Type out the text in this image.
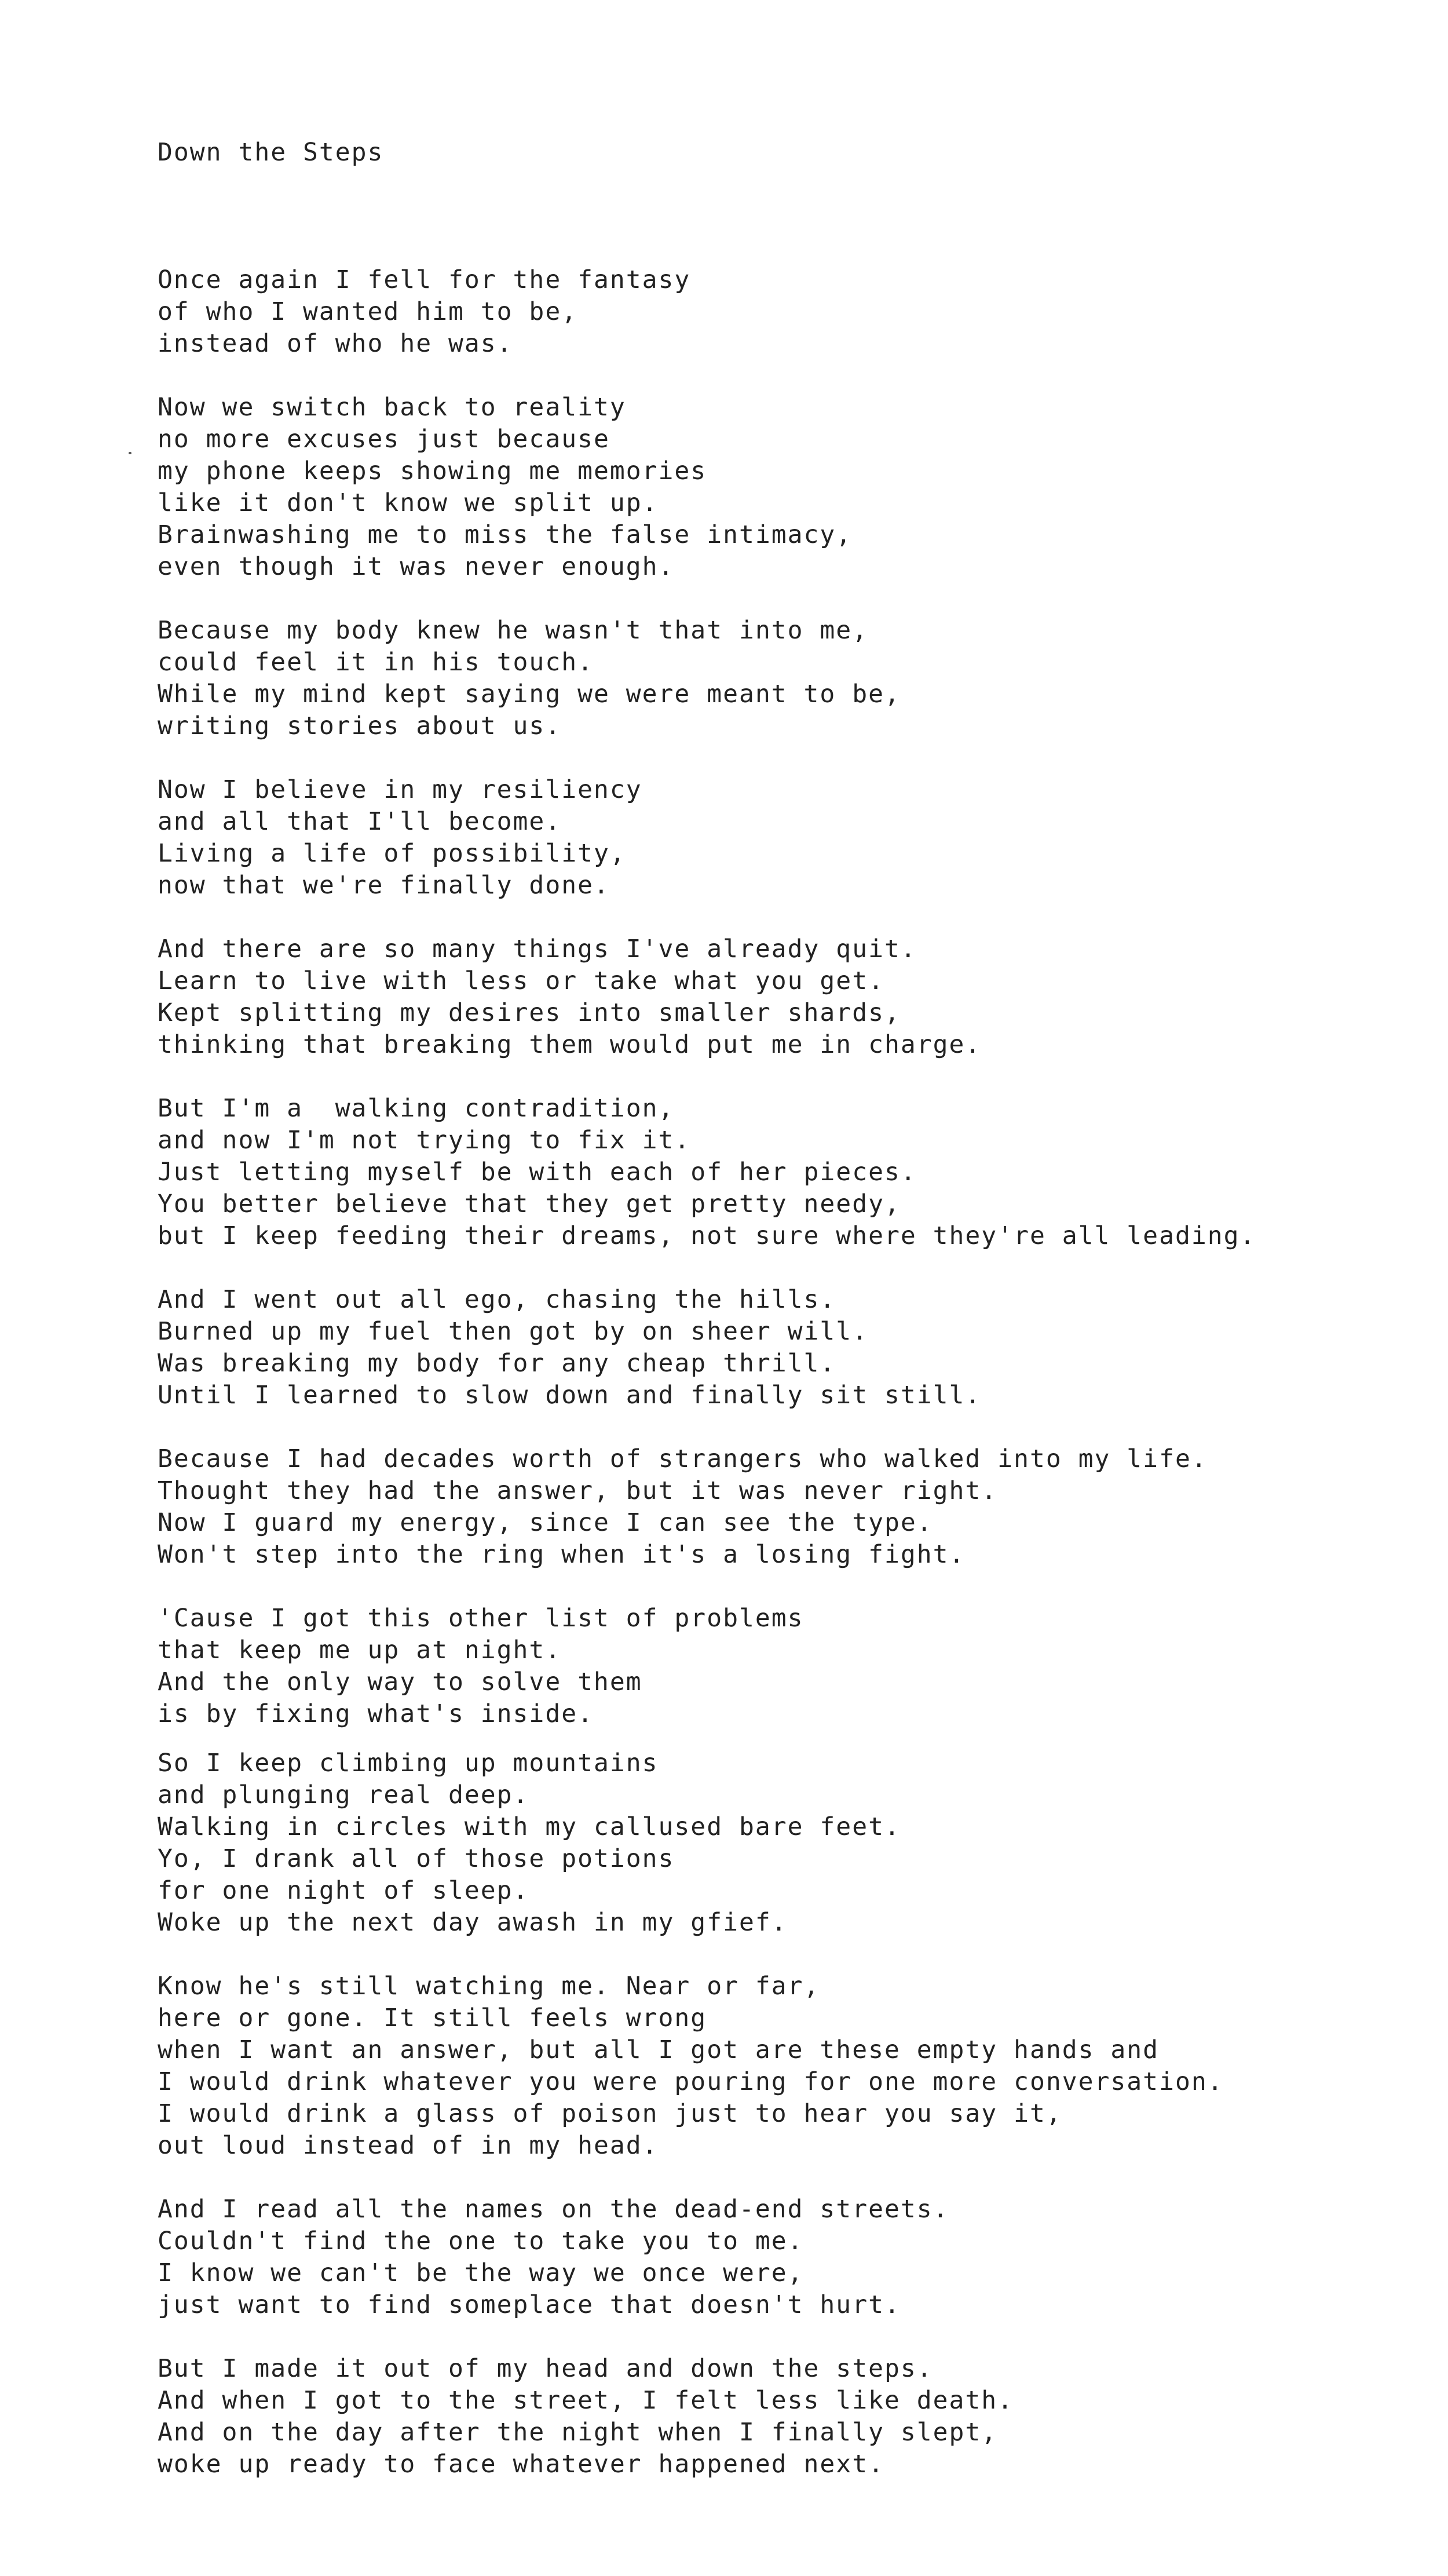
Down the Steps

Once again I fell for the fantasy
of who I wanted him to be,
instead of who he was.
Now we switch back to reality
no more excuses just because
my phone keeps showing me memories
like it don't know we split up.
Brainwashing me to miss the false intimacy,
even though it was never enough.
Because my body knew he wasn't that into me,
could feel it in his touch.
While my mind kept saying we were meant to be,
writing stories about us.
Now I believe in my resiliency
and all that I'll become.
Living a life of possibility,
now that we're finally done.
And there are so many things I've already quit.
Learn to live with less or take what you get.
Kept splitting my desires into smaller shards,
thinking that breaking them would put me in charge.
But I'm a  walking contradition,
and now I'm not trying to fix it.
Just letting myself be with each of her pieces.
You better believe that they get pretty needy,
but I keep feeding their dreams, not sure where they're all leading.
And I went out all ego, chasing the hills.
Burned up my fuel then got by on sheer will.
Was breaking my body for any cheap thrill.
Until I learned to slow down and finally sit still.
Because I had decades worth of strangers who walked into my life.
Thought they had the answer, but it was never right.
Now I guard my energy, since I can see the type.
Won't step into the ring when it's a losing fight.
'Cause I got this other list of problems
that keep me up at night.
And the only way to solve them
is by fixing what's inside.
So I keep climbing up mountains
and plunging real deep.
Walking in circles with my callused bare feet.
Yo, I drank all of those potions
for one night of sleep.
Woke up the next day awash in my gfief.
Know he's still watching me. Near or far,
here or gone. It still feels wrong
when I want an answer, but all I got are these empty hands and
I would drink whatever you were pouring for one more conversation.
I would drink a glass of poison just to hear you say it,
out loud instead of in my head.
And I read all the names on the dead-end streets.
Couldn't find the one to take you to me.
I know we can't be the way we once were,
just want to find someplace that doesn't hurt.
But I made it out of my head and down the steps.
And when I got to the street, I felt less like death.
And on the day after the night when I finally slept,
woke up ready to face whatever happened next.
